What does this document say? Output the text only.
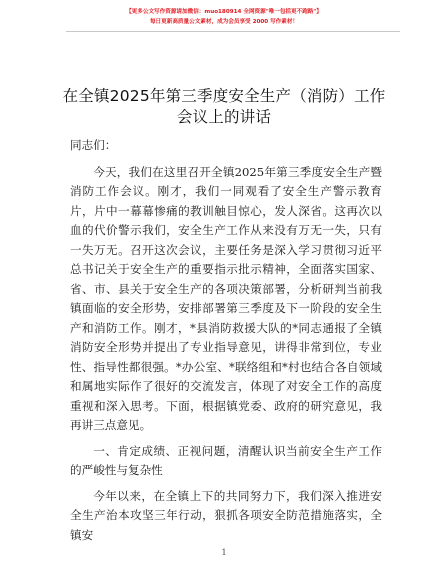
【更多公文写作资源请加微信：muo180914 全网资源"唯一包括更不跑路"】
每日更新高质量公文素材，成为会员享受 2000 写作素材！
在全镇2025年第三季度安全生产（消防）工作
会议上的讲话

同志们：

今天，我们在这里召开全镇2025年第三季度安全生产暨消防工作会议。刚才，我们一同观看了安全生产警示教育片，片中一幕幕惨痛的教训触目惊心，发人深省。这再次以血的代价警示我们，安全生产工作从来没有万无一失，只有一失万无。召开这次会议，主要任务是深入学习贯彻习近平总书记关于安全生产的重要指示批示精神，全面落实国家、省、市、县关于安全生产的各项决策部署，分析研判当前我镇面临的安全形势，安排部署第三季度及下一阶段的安全生产和消防工作。刚才，*县消防救援大队的*同志通报了全镇消防安全形势并提出了专业指导意见，讲得非常到位，专业性、指导性都很强。*办公室、*联络组和*村也结合各自领域和属地实际作了很好的交流发言，体现了对安全工作的高度重视和深入思考。下面，根据镇党委、政府的研究意见，我再讲三点意见。

一、肯定成绩、正视问题，清醒认识当前安全生产工作的严峻性与复杂性

今年以来，在全镇上下的共同努力下，我们深入推进安全生产治本攻坚三年行动，狠抓各项安全防范措施落实，全镇安

1
